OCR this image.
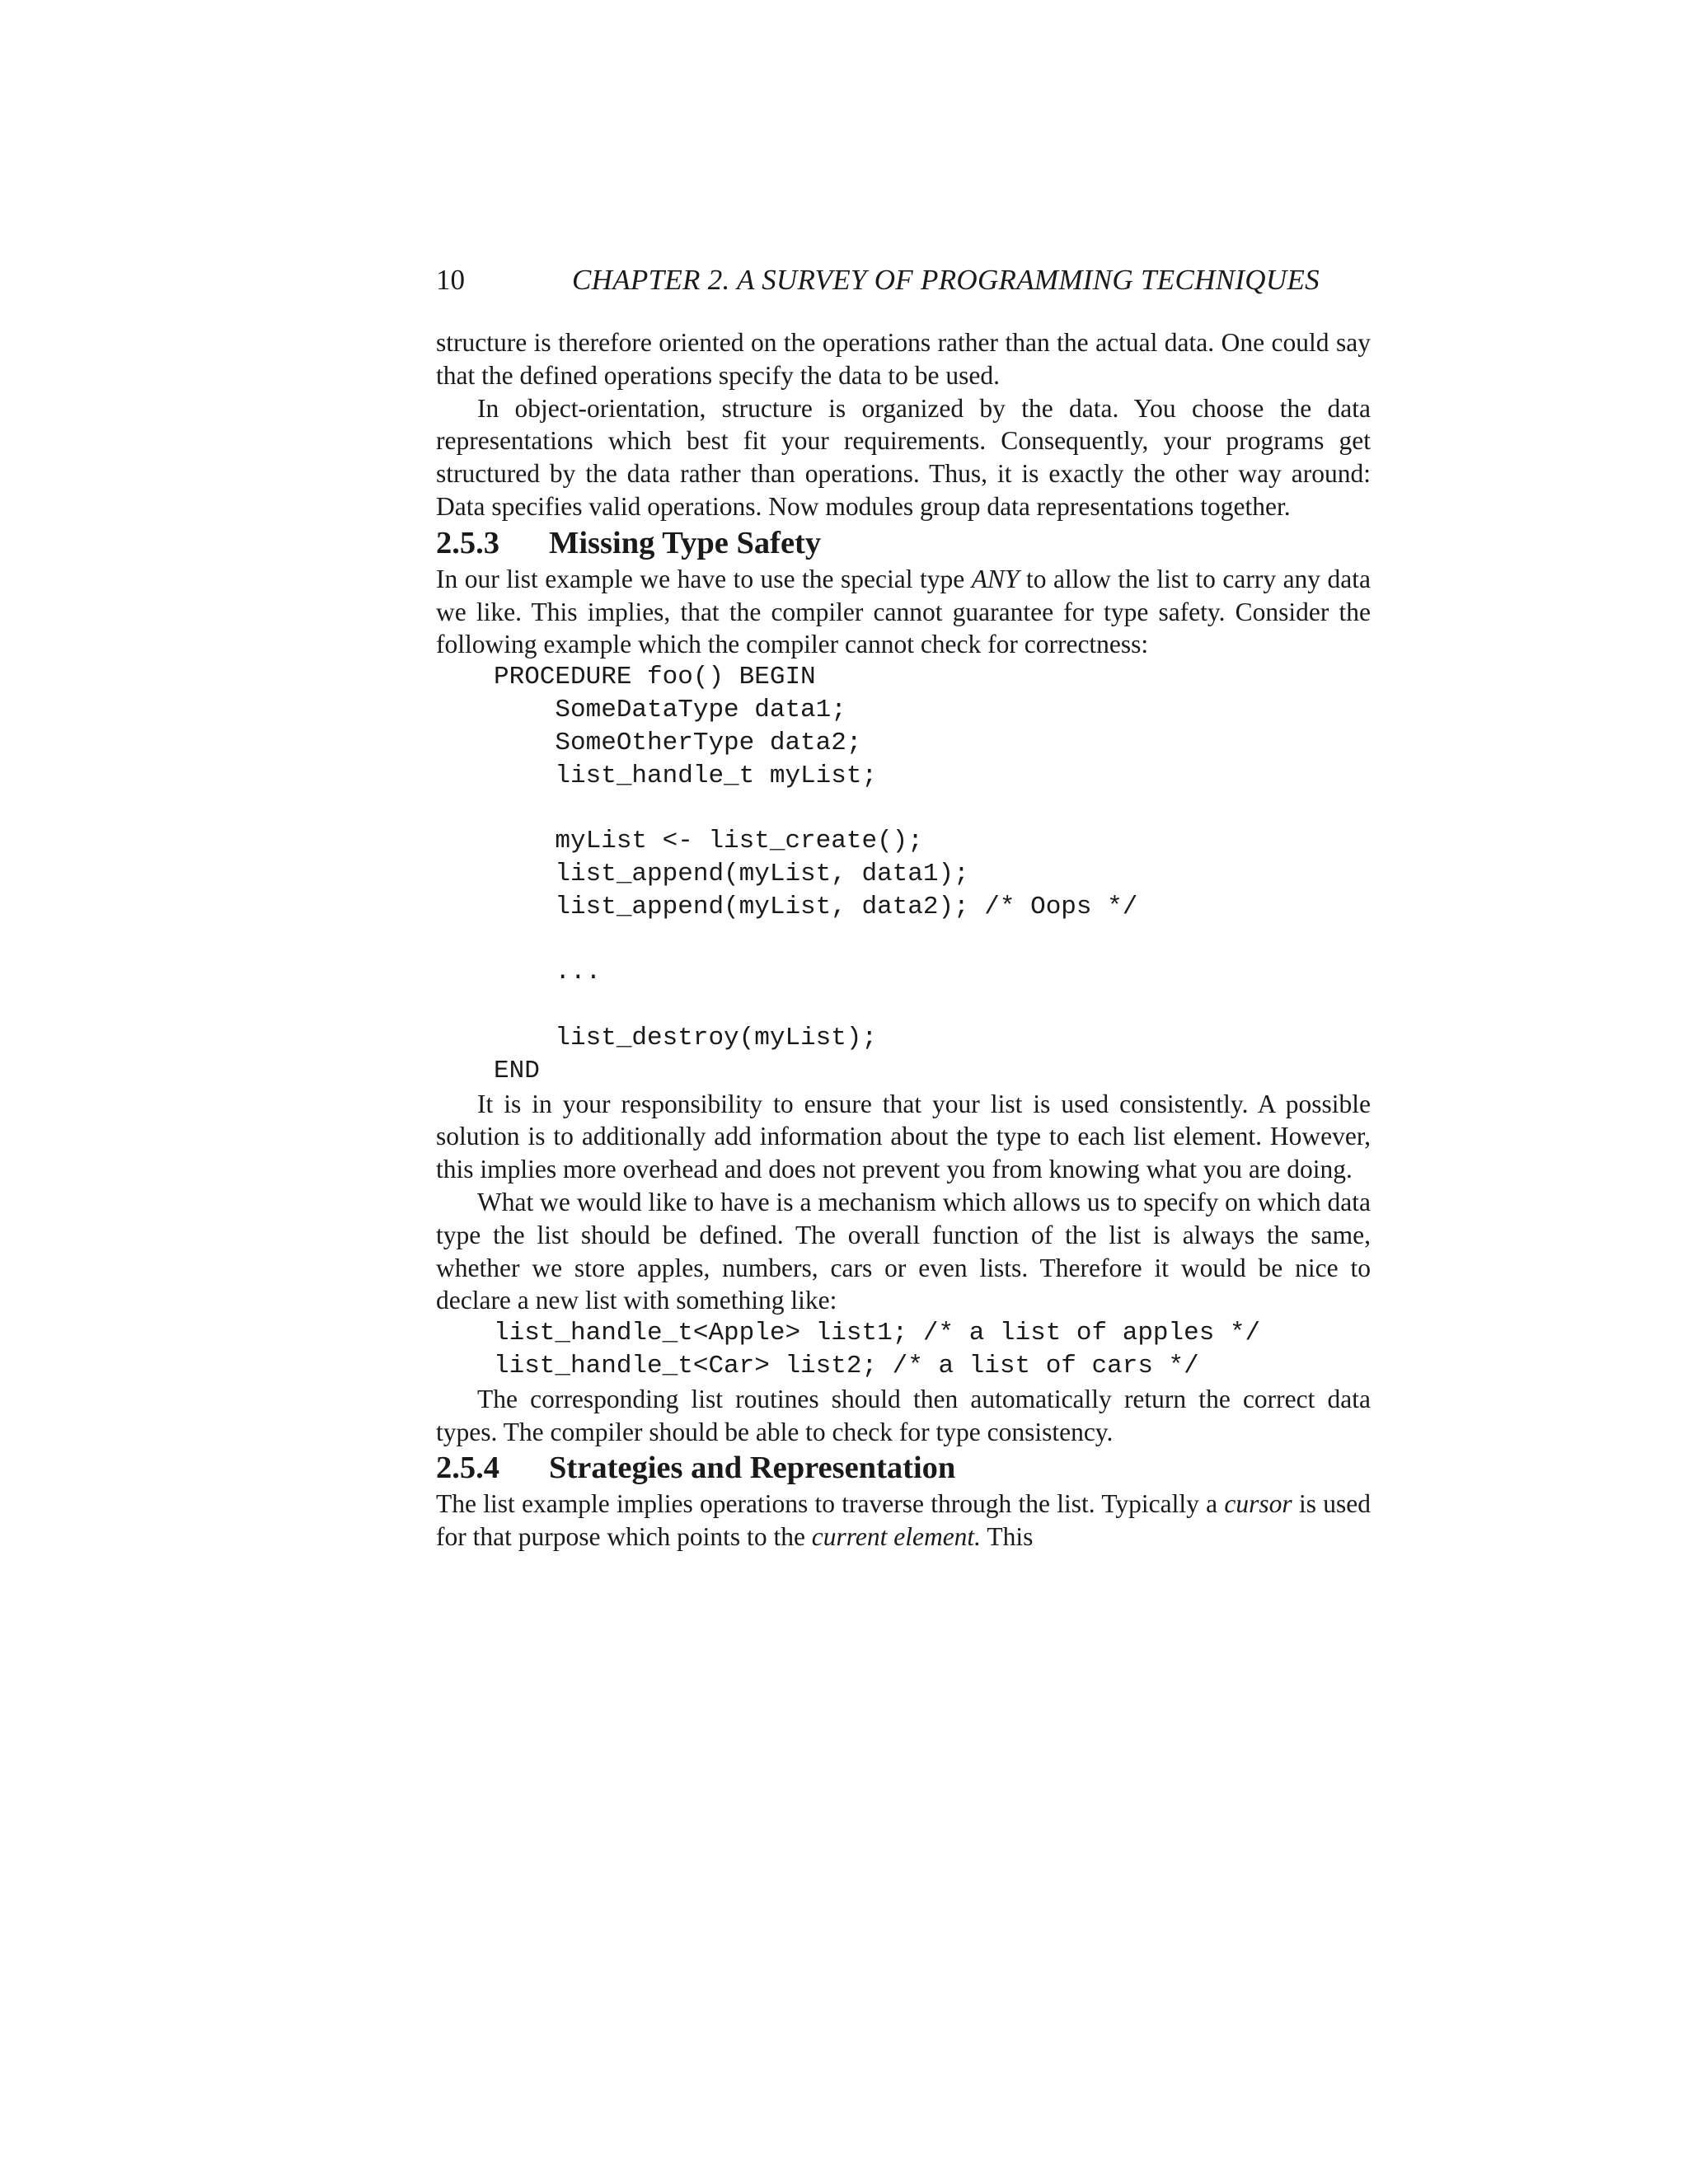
10	CHAPTER 2. A SURVEY OF PROGRAMMING TECHNIQUES

structure is therefore oriented on the operations rather than the actual data. One could say that the defined operations specify the data to be used.

In object-orientation, structure is organized by the data. You choose the data representations which best fit your requirements. Consequently, your programs get structured by the data rather than operations. Thus, it is exactly the other way around: Data specifies valid operations. Now modules group data representations together.

2.5.3	Missing Type Safety

In our list example we have to use the special type ANY to allow the list to carry any data we like. This implies, that the compiler cannot guarantee for type safety. Consider the following example which the compiler cannot check for correctness:

PROCEDURE foo() BEGIN
SomeDataType data1;
SomeOtherType data2;
list_handle_t myList;

myList <- list_create();
list_append(myList, data1);
list_append(myList, data2); /* Oops */

...

list_destroy(myList);
END

It is in your responsibility to ensure that your list is used consistently. A possible solution is to additionally add information about the type to each list element. However, this implies more overhead and does not prevent you from knowing what you are doing.

What we would like to have is a mechanism which allows us to specify on which data type the list should be defined. The overall function of the list is always the same, whether we store apples, numbers, cars or even lists. Therefore it would be nice to declare a new list with something like:

list_handle_t<Apple> list1; /* a list of apples */
list_handle_t<Car> list2; /* a list of cars */

The corresponding list routines should then automatically return the correct data types. The compiler should be able to check for type consistency.

2.5.4	Strategies and Representation

The list example implies operations to traverse through the list. Typically a cursor is used for that purpose which points to the current element. This
